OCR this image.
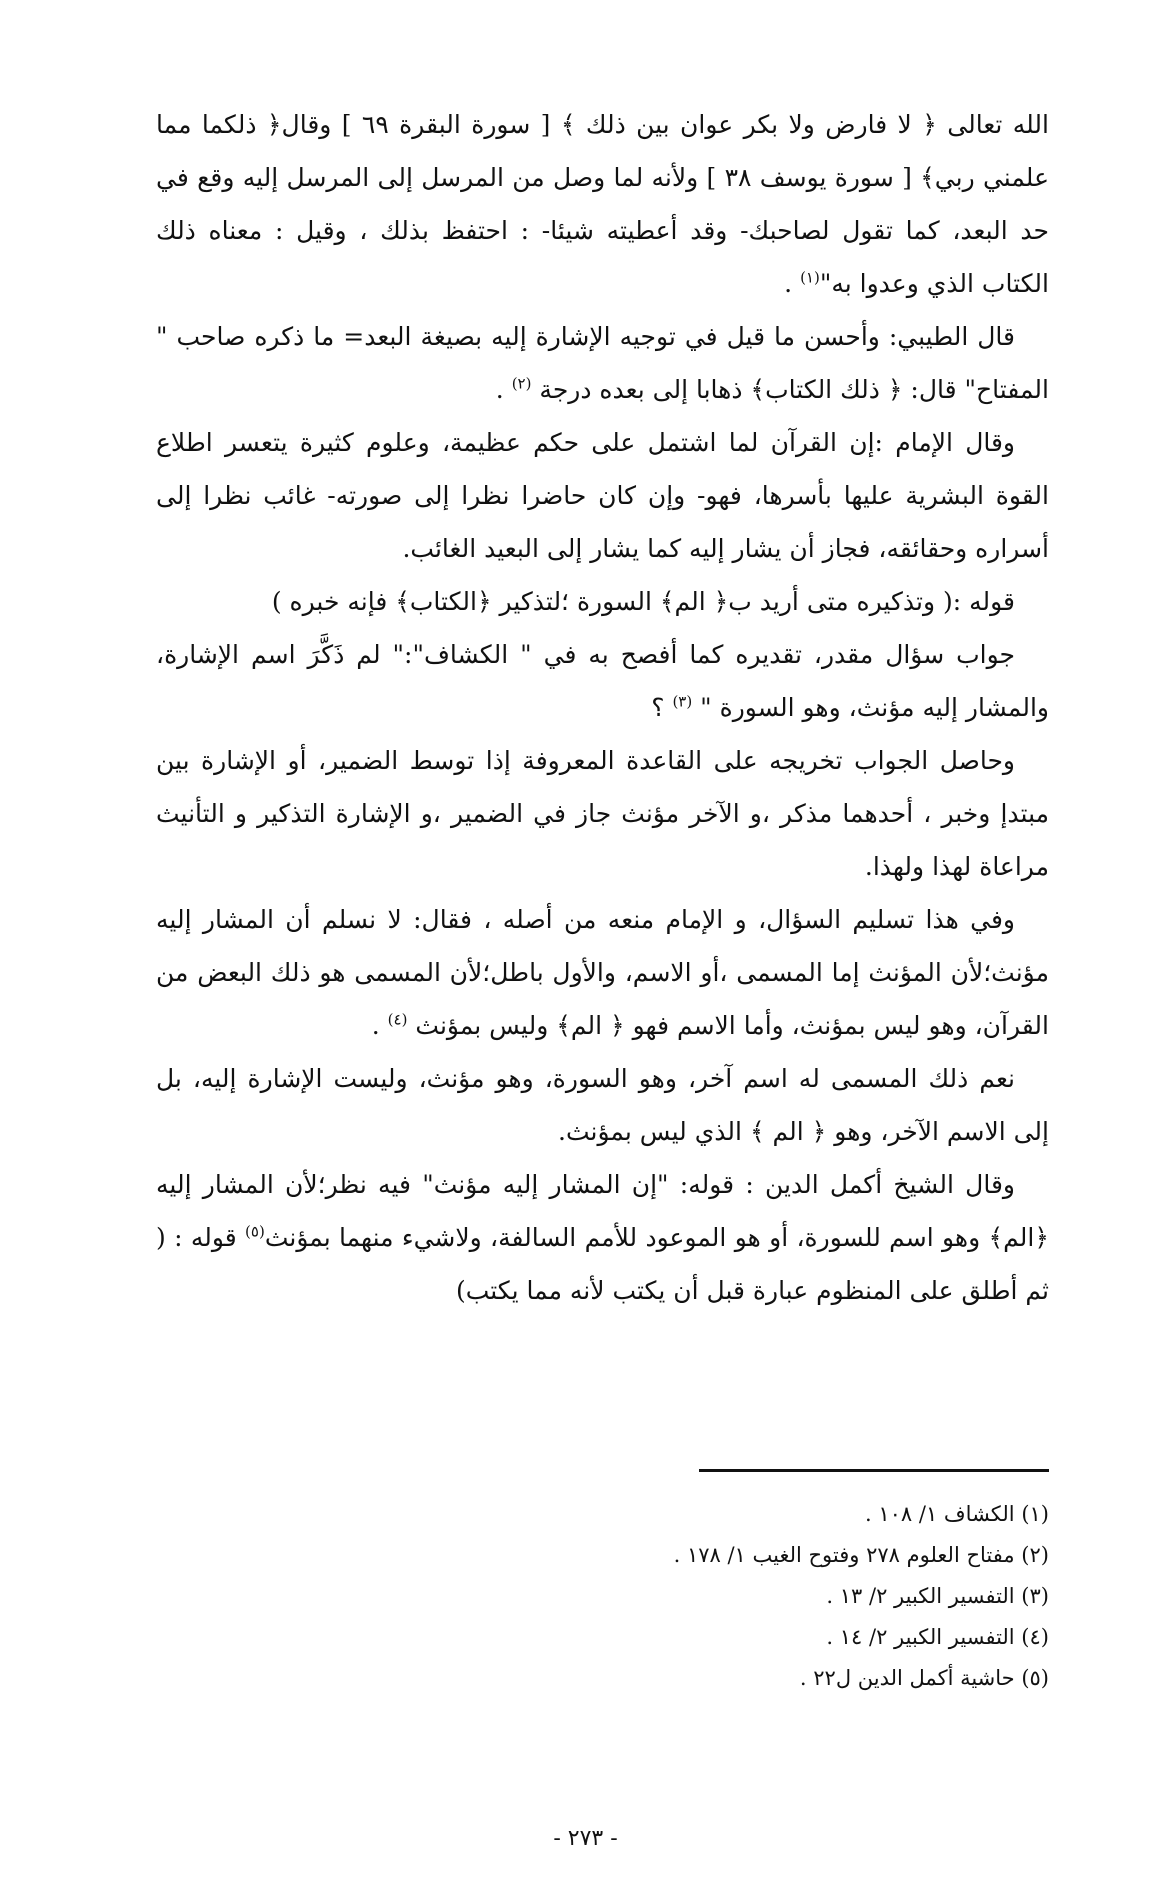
الله تعالى ﴿ لا فارض ولا بكر عوان بين ذلك ﴾ [ سورة البقرة ٦٩ ] وقال﴿ ذلكما مما علمني ربي﴾ [ سورة يوسف ٣٨ ] ولأنه لما وصل من المرسل إلى المرسل إليه وقع في حد البعد، كما تقول لصاحبك- وقد أعطيته شيئا- : احتفظ بذلك ، وقيل : معناه ذلك الكتاب الذي وعدوا به"$^{(١)}$ .

قال الطيبي: وأحسن ما قيل في توجيه الإشارة إليه بصيغة البعد= ما ذكره صاحب " المفتاح" قال: ﴿ ذلك الكتاب﴾ ذهابا إلى بعده درجة $^{(٢)}$ .

وقال الإمام :إن القرآن لما اشتمل على حكم عظيمة، وعلوم كثيرة يتعسر اطلاع القوة البشرية عليها بأسرها، فهو- وإن كان حاضرا نظرا إلى صورته- غائب نظرا إلى أسراره وحقائقه، فجاز أن يشار إليه كما يشار إلى البعيد الغائب.

قوله :( وتذكيره متى أريد ب﴿ الم﴾ السورة ؛لتذكير ﴿الكتاب﴾ فإنه خبره )

جواب سؤال مقدر، تقديره كما أفصح به في " الكشاف":" لم ذَكَّرَ اسم الإشارة، والمشار إليه مؤنث، وهو السورة " $^{(٣)}$ ؟

وحاصل الجواب تخريجه على القاعدة المعروفة إذا توسط الضمير، أو الإشارة بين مبتدإ وخبر ، أحدهما مذكر ،و الآخر مؤنث جاز في الضمير ،و الإشارة التذكير و التأنيث مراعاة لهذا ولهذا.

وفي هذا تسليم السؤال، و الإمام منعه من أصله ، فقال: لا نسلم أن المشار إليه مؤنث؛لأن المؤنث إما المسمى ،أو الاسم، والأول باطل؛لأن المسمى هو ذلك البعض من القرآن، وهو ليس بمؤنث، وأما الاسم فهو ﴿ الم﴾ وليس بمؤنث $^{(٤)}$ .

نعم ذلك المسمى له اسم آخر، وهو السورة، وهو مؤنث، وليست الإشارة إليه، بل إلى الاسم الآخر، وهو ﴿ الم ﴾ الذي ليس بمؤنث.

وقال الشيخ أكمل الدين : قوله: "إن المشار إليه مؤنث" فيه نظر؛لأن المشار إليه ﴿الم﴾ وهو اسم للسورة، أو هو الموعود للأمم السالفة، ولاشيء منهما بمؤنث$^{(٥)}$ قوله : ( ثم أطلق على المنظوم عبارة قبل أن يكتب لأنه مما يكتب)

(١) الكشاف ١/ ١٠٨ .
(٢) مفتاح العلوم ٢٧٨ وفتوح الغيب ١/ ١٧٨ .
(٣) التفسير الكبير ٢/ ١٣ .
(٤) التفسير الكبير ٢/ ١٤ .
(٥) حاشية أكمل الدين ل٢٢ .
- ٢٧٣ -
